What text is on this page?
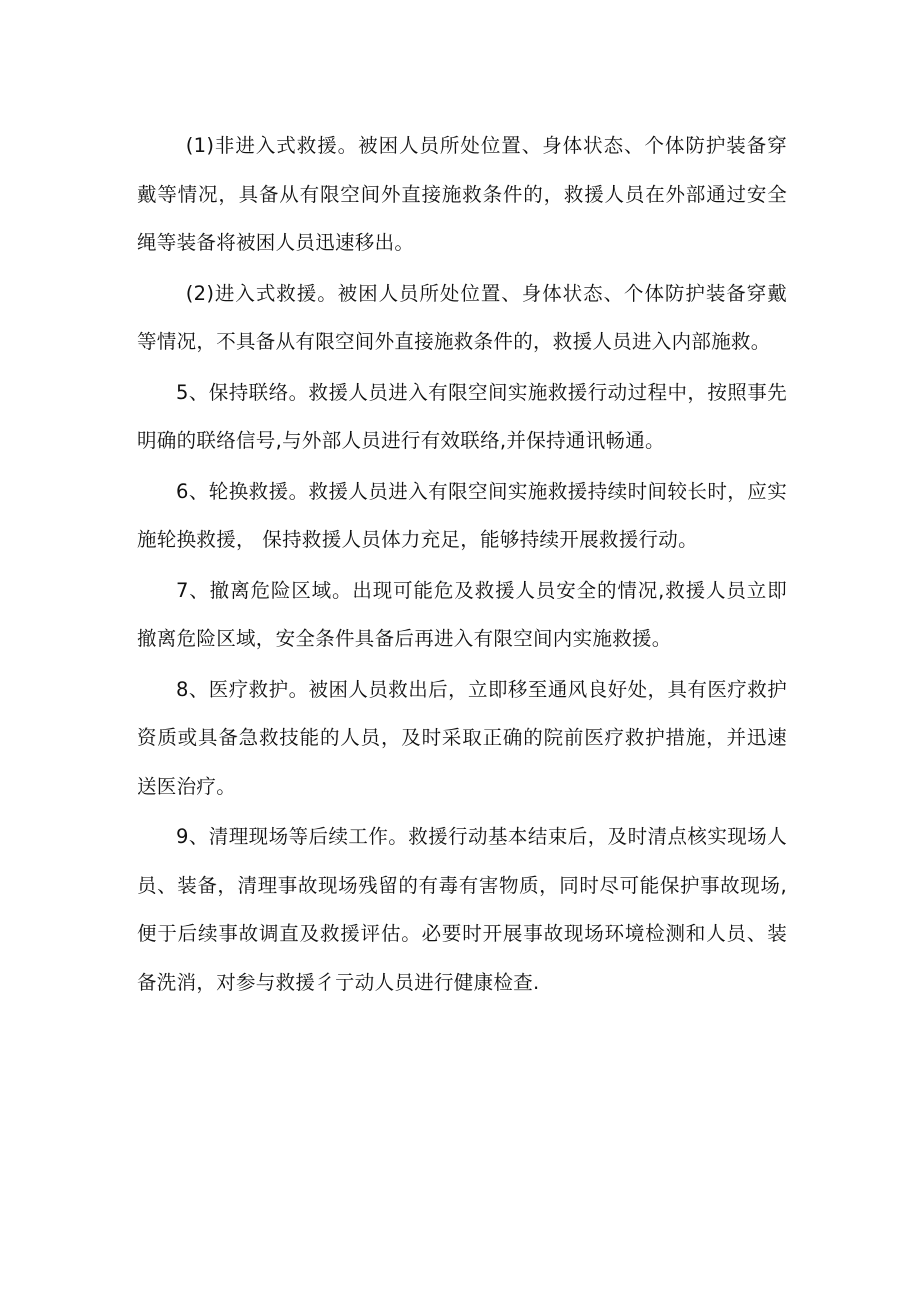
(1)非进入式救援。被困人员所处位置、身体状态、个体防护装备穿戴等情况，具备从有限空间外直接施救条件的，救援人员在外部通过安全绳等装备将被困人员迅速移出。

(2)进入式救援。被困人员所处位置、身体状态、个体防护装备穿戴等情况，不具备从有限空间外直接施救条件的，救援人员进入内部施救。

5、保持联络。救援人员进入有限空间实施救援行动过程中，按照事先明确的联络信号,与外部人员进行有效联络,并保持通讯畅通。

6、轮换救援。救援人员进入有限空间实施救援持续时间较长时，应实施轮换救援， 保持救援人员体力充足，能够持续开展救援行动。

7、撤离危险区域。出现可能危及救援人员安全的情况,救援人员立即撤离危险区域，安全条件具备后再进入有限空间内实施救援。

8、医疗救护。被困人员救出后，立即移至通风良好处，具有医疗救护资质或具备急救技能的人员，及时采取正确的院前医疗救护措施，并迅速送医治疗。

9、清理现场等后续工作。救援行动基本结束后，及时清点核实现场人员、装备，清理事故现场残留的有毒有害物质，同时尽可能保护事故现场,便于后续事故调直及救援评估。必要时开展事故现场环境检测和人员、装备洗消，对参与救援彳亍动人员进行健康检查.
